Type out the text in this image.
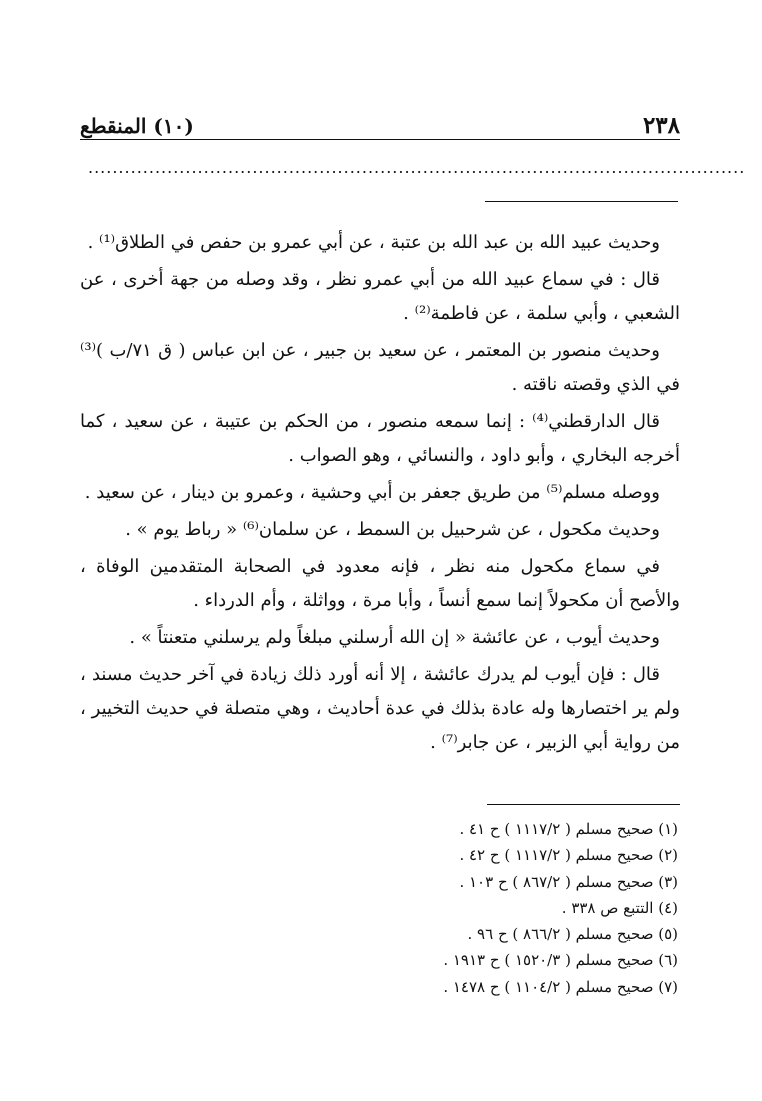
٢٣٨
(١٠) المنقطع
............................................................................................................

وحديث عبيد الله بن عبد الله بن عتبة ، عن أبي عمرو بن حفص في الطلاق⁽¹⁾ .

قال : في سماع عبيد الله من أبي عمرو نظر ، وقد وصله من جهة أخرى ، عن الشعبي ، وأبي سلمة ، عن فاطمة⁽²⁾ .

وحديث منصور بن المعتمر ، عن سعيد بن جبير ، عن ابن عباس ( ق ٧١/ب )⁽³⁾ في الذي وقصته ناقته .

قال الدارقطني⁽⁴⁾ : إنما سمعه منصور ، من الحكم بن عتيبة ، عن سعيد ، كما أخرجه البخاري ، وأبو داود ، والنسائي ، وهو الصواب .

ووصله مسلم⁽⁵⁾ من طريق جعفر بن أبي وحشية ، وعمرو بن دينار ، عن سعيد .

وحديث مكحول ، عن شرحبيل بن السمط ، عن سلمان⁽⁶⁾ « رباط يوم » .

في سماع مكحول منه نظر ، فإنه معدود في الصحابة المتقدمين الوفاة ، والأصح أن مكحولاً إنما سمع أنساً ، وأبا مرة ، وواثلة ، وأم الدرداء .

وحديث أيوب ، عن عائشة « إن الله أرسلني مبلغاً ولم يرسلني متعنتاً » .

قال : فإن أيوب لم يدرك عائشة ، إلا أنه أورد ذلك زيادة في آخر حديث مسند ، ولم ير اختصارها وله عادة بذلك في عدة أحاديث ، وهي متصلة في حديث التخيير ، من رواية أبي الزبير ، عن جابر⁽⁷⁾ .

(١) صحيح مسلم ( ١١١٧/٢ ) ح ٤١ .
(٢) صحيح مسلم ( ١١١٧/٢ ) ح ٤٢ .
(٣) صحيح مسلم ( ٨٦٧/٢ ) ح ١٠٣ .
(٤) التتبع ص ٣٣٨ .
(٥) صحيح مسلم ( ٨٦٦/٢ ) ح ٩٦ .
(٦) صحيح مسلم ( ١٥٢٠/٣ ) ح ١٩١٣ .
(٧) صحيح مسلم ( ١١٠٤/٢ ) ح ١٤٧٨ .
